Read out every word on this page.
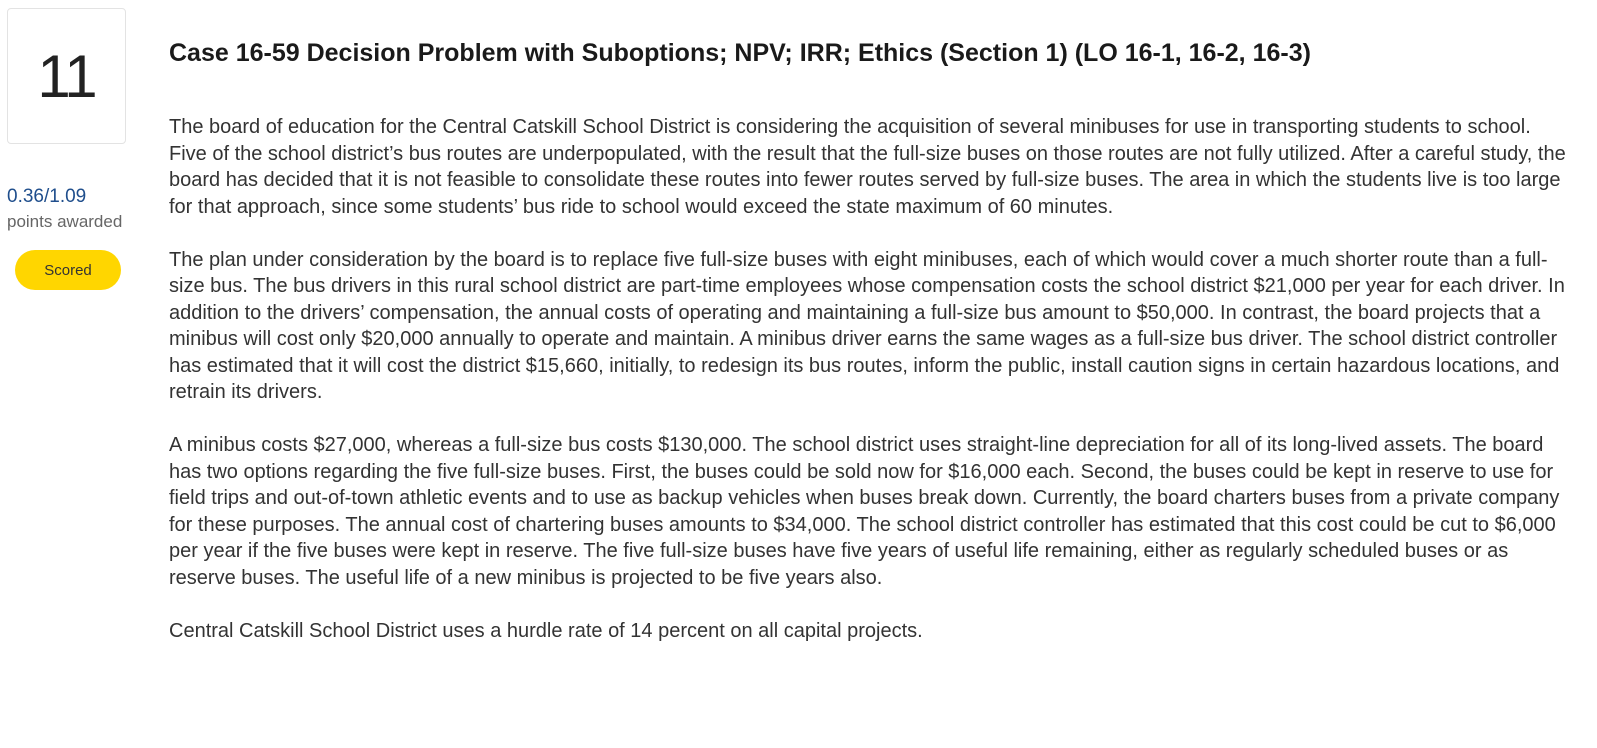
11
0.36/1.09
points awarded
Scored
Case 16-59 Decision Problem with Suboptions; NPV; IRR; Ethics (Section 1) (LO 16-1, 16-2, 16-3)

The board of education for the Central Catskill School District is considering the acquisition of several minibuses for use in transporting students to school. Five of the school district’s bus routes are underpopulated, with the result that the full-size buses on those routes are not fully utilized. After a careful study, the board has decided that it is not feasible to consolidate these routes into fewer routes served by full-size buses. The area in which the students live is too large for that approach, since some students’ bus ride to school would exceed the state maximum of 60 minutes.

The plan under consideration by the board is to replace five full-size buses with eight minibuses, each of which would cover a much shorter route than a full-size bus. The bus drivers in this rural school district are part-time employees whose compensation costs the school district $21,000 per year for each driver. In addition to the drivers’ compensation, the annual costs of operating and maintaining a full-size bus amount to $50,000. In contrast, the board projects that a minibus will cost only $20,000 annually to operate and maintain. A minibus driver earns the same wages as a full-size bus driver. The school district controller has estimated that it will cost the district $15,660, initially, to redesign its bus routes, inform the public, install caution signs in certain hazardous locations, and retrain its drivers.

A minibus costs $27,000, whereas a full-size bus costs $130,000. The school district uses straight-line depreciation for all of its long-lived assets. The board has two options regarding the five full-size buses. First, the buses could be sold now for $16,000 each. Second, the buses could be kept in reserve to use for field trips and out-of-town athletic events and to use as backup vehicles when buses break down. Currently, the board charters buses from a private company for these purposes. The annual cost of chartering buses amounts to $34,000. The school district controller has estimated that this cost could be cut to $6,000 per year if the five buses were kept in reserve. The five full-size buses have five years of useful life remaining, either as regularly scheduled buses or as reserve buses. The useful life of a new minibus is projected to be five years also.

Central Catskill School District uses a hurdle rate of 14 percent on all capital projects.
